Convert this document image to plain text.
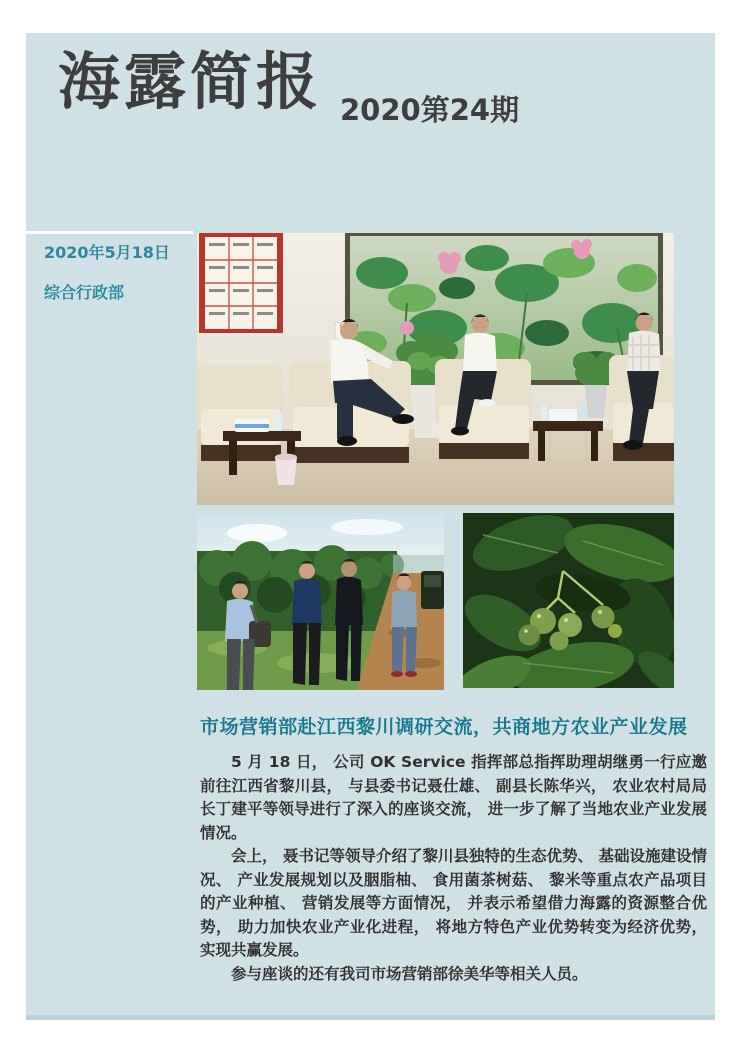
海露简报 2020第24期
2020年5月18日
综合行政部
市场营销部赴江西黎川调研交流，共商地方农业产业发展

5 月 18 日， 公司 OK Service 指挥部总指挥助理胡继勇一行应邀前往江西省黎川县， 与县委书记聂仕雄、 副县长陈华兴， 农业农村局局长丁建平等领导进行了深入的座谈交流， 进一步了解了当地农业产业发展情况。

会上， 聂书记等领导介绍了黎川县独特的生态优势、 基础设施建设情况、 产业发展规划以及胭脂柚、 食用菌茶树菇、 黎米等重点农产品项目的产业种植、 营销发展等方面情况， 并表示希望借力海露的资源整合优势， 助力加快农业产业化进程， 将地方特色产业优势转变为经济优势， 实现共赢发展。

参与座谈的还有我司市场营销部徐美华等相关人员。
